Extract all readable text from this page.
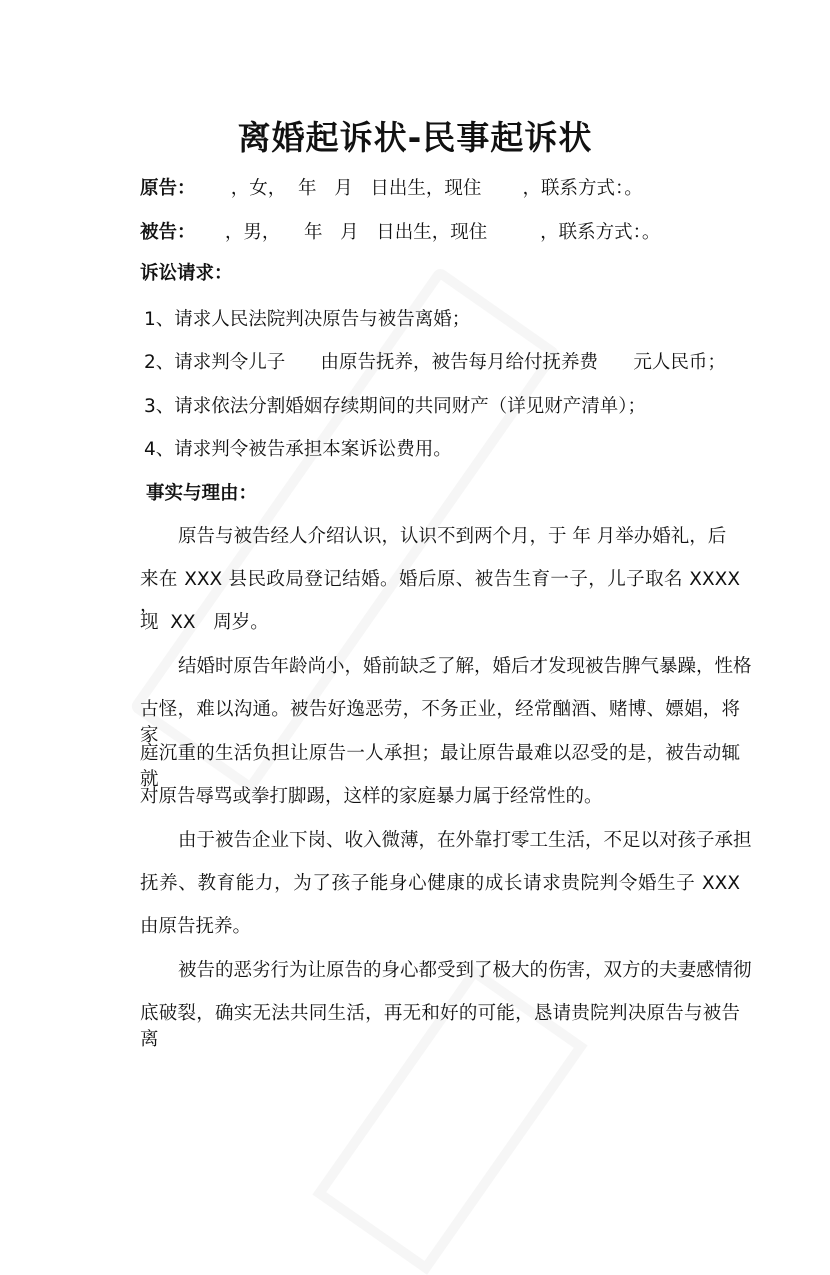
离婚起诉状-民事起诉状
原告：      ，女，  年   月   日出生，现住       ，联系方式：。
被告：     ，男，    年   月   日出生，现住         ，联系方式：。
诉讼请求：
1、请求人民法院判决原告与被告离婚；
2、请求判令儿子      由原告抚养，被告每月给付抚养费      元人民币；
3、请求依法分割婚姻存续期间的共同财产（详见财产清单）；
4、请求判令被告承担本案诉讼费用。
事实与理由：
原告与被告经人介绍认识，认识不到两个月，于 年 月举办婚礼，后
来在 XXX 县民政局登记结婚。婚后原、被告生育一子，儿子取名 XXXX ，
现  XX   周岁。
结婚时原告年龄尚小，婚前缺乏了解，婚后才发现被告脾气暴躁，性格
古怪，难以沟通。被告好逸恶劳，不务正业，经常酗酒、赌博、嫖娼，将家
庭沉重的生活负担让原告一人承担；最让原告最难以忍受的是，被告动辄就
对原告辱骂或拳打脚踢，这样的家庭暴力属于经常性的。
由于被告企业下岗、收入微薄，在外靠打零工生活，不足以对孩子承担
抚养、教育能力，为了孩子能身心健康的成长请求贵院判令婚生子 XXX
由原告抚养。
被告的恶劣行为让原告的身心都受到了极大的伤害，双方的夫妻感情彻
底破裂，确实无法共同生活，再无和好的可能，恳请贵院判决原告与被告离
